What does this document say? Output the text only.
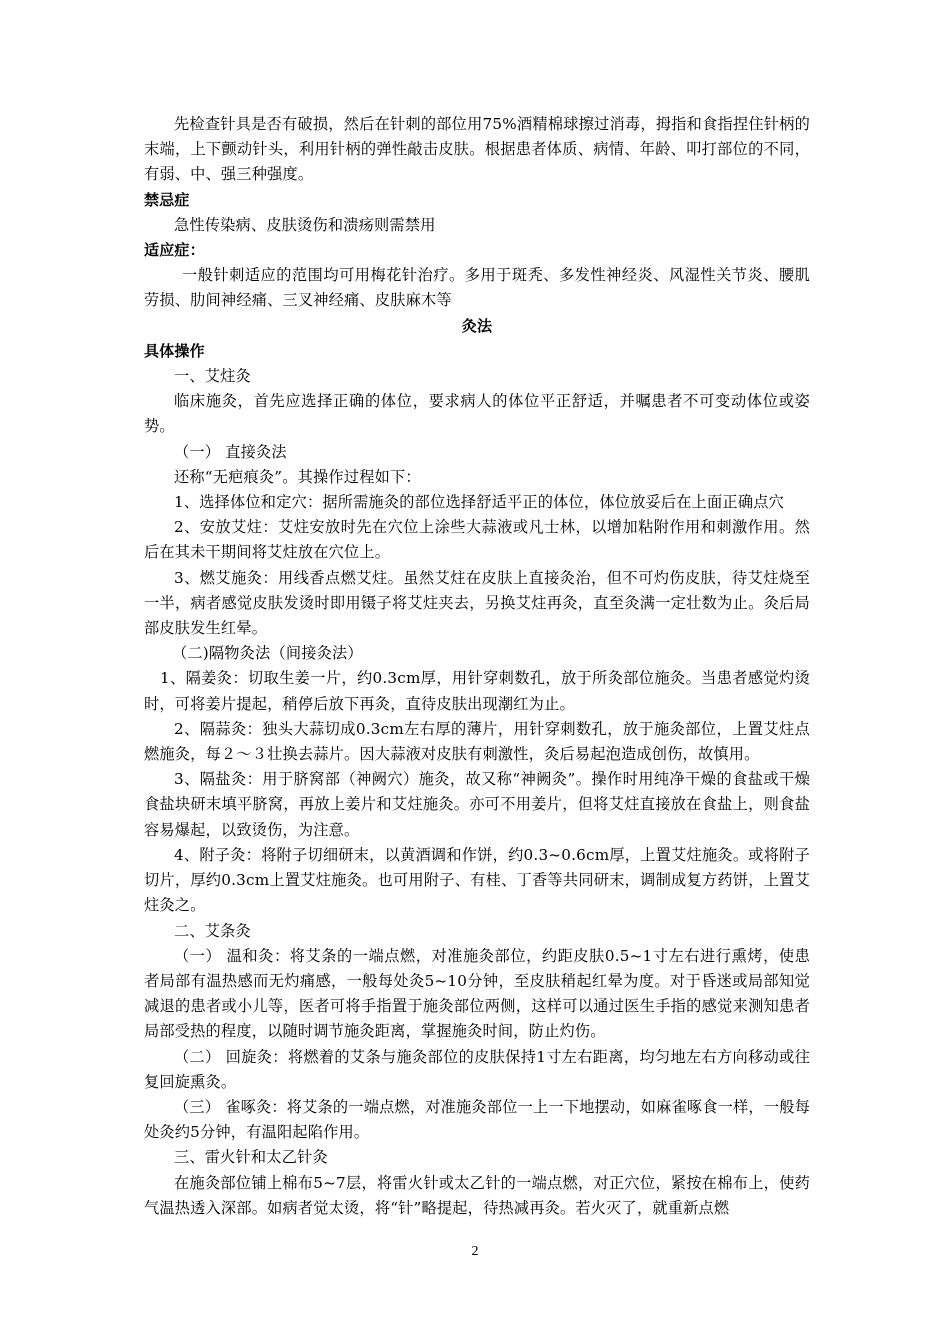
先检查针具是否有破损，然后在针刺的部位用75%酒精棉球擦过消毒，拇指和食指捏住针柄的末端，上下颤动针头，利用针柄的弹性敲击皮肤。根据患者体质、病情、年龄、叩打部位的不同，有弱、中、强三种强度。

禁忌症

急性传染病、皮肤烫伤和溃疡则需禁用

适应症：

一般针刺适应的范围均可用梅花针治疗。多用于斑秃、多发性神经炎、风湿性关节炎、腰肌劳损、肋间神经痛、三叉神经痛、皮肤麻木等

灸法

具体操作

一、艾炷灸

临床施灸，首先应选择正确的体位，要求病人的体位平正舒适，并嘱患者不可变动体位或姿势。

（一） 直接灸法

还称“无疤痕灸”。其操作过程如下：

1、选择体位和定穴：据所需施灸的部位选择舒适平正的体位，体位放妥后在上面正确点穴

2、安放艾炷：艾炷安放时先在穴位上涂些大蒜液或凡士林，以增加粘附作用和刺激作用。然后在其未干期间将艾炷放在穴位上。

3、燃艾施灸：用线香点燃艾炷。虽然艾炷在皮肤上直接灸治，但不可灼伤皮肤，待艾炷烧至一半，病者感觉皮肤发烫时即用镊子将艾炷夹去，另换艾炷再灸，直至灸满一定壮数为止。灸后局部皮肤发生红晕。

（二)隔物灸法（间接灸法）

1、隔姜灸：切取生姜一片，约0.3cm厚，用针穿刺数孔，放于所灸部位施灸。当患者感觉灼烫时，可将姜片提起，稍停后放下再灸，直待皮肤出现潮红为止。

2、隔蒜灸：独头大蒜切成0.3cm左右厚的薄片，用针穿刺数孔，放于施灸部位，上置艾炷点燃施灸，每２～３壮换去蒜片。因大蒜液对皮肤有刺激性，灸后易起泡造成创伤，故慎用。

3、隔盐灸：用于脐窝部（神阙穴）施灸，故又称“神阙灸”。操作时用纯净干燥的食盐或干燥食盐块研末填平脐窝，再放上姜片和艾炷施灸。亦可不用姜片，但将艾炷直接放在食盐上，则食盐容易爆起，以致烫伤，为注意。

4、附子灸：将附子切细研末，以黄酒调和作饼，约0.3~0.6cm厚，上置艾炷施灸。或将附子切片，厚约0.3cm上置艾炷施灸。也可用附子、有桂、丁香等共同研末，调制成复方药饼，上置艾炷灸之。

二、艾条灸

（一） 温和灸：将艾条的一端点燃，对准施灸部位，约距皮肤0.5~1寸左右进行熏烤，使患者局部有温热感而无灼痛感，一般每处灸5~10分钟，至皮肤稍起红晕为度。对于昏迷或局部知觉减退的患者或小儿等，医者可将手指置于施灸部位两侧，这样可以通过医生手指的感觉来测知患者局部受热的程度，以随时调节施灸距离，掌握施灸时间，防止灼伤。

（二） 回旋灸：将燃着的艾条与施灸部位的皮肤保持1寸左右距离，均匀地左右方向移动或往复回旋熏灸。

（三） 雀啄灸：将艾条的一端点燃，对准施灸部位一上一下地摆动，如麻雀啄食一样，一般每处灸约5分钟，有温阳起陷作用。

三、雷火针和太乙针灸

在施灸部位铺上棉布5~7层，将雷火针或太乙针的一端点燃，对正穴位，紧按在棉布上，使药气温热透入深部。如病者觉太烫，将“针”略提起，待热减再灸。若火灭了，就重新点燃

2
